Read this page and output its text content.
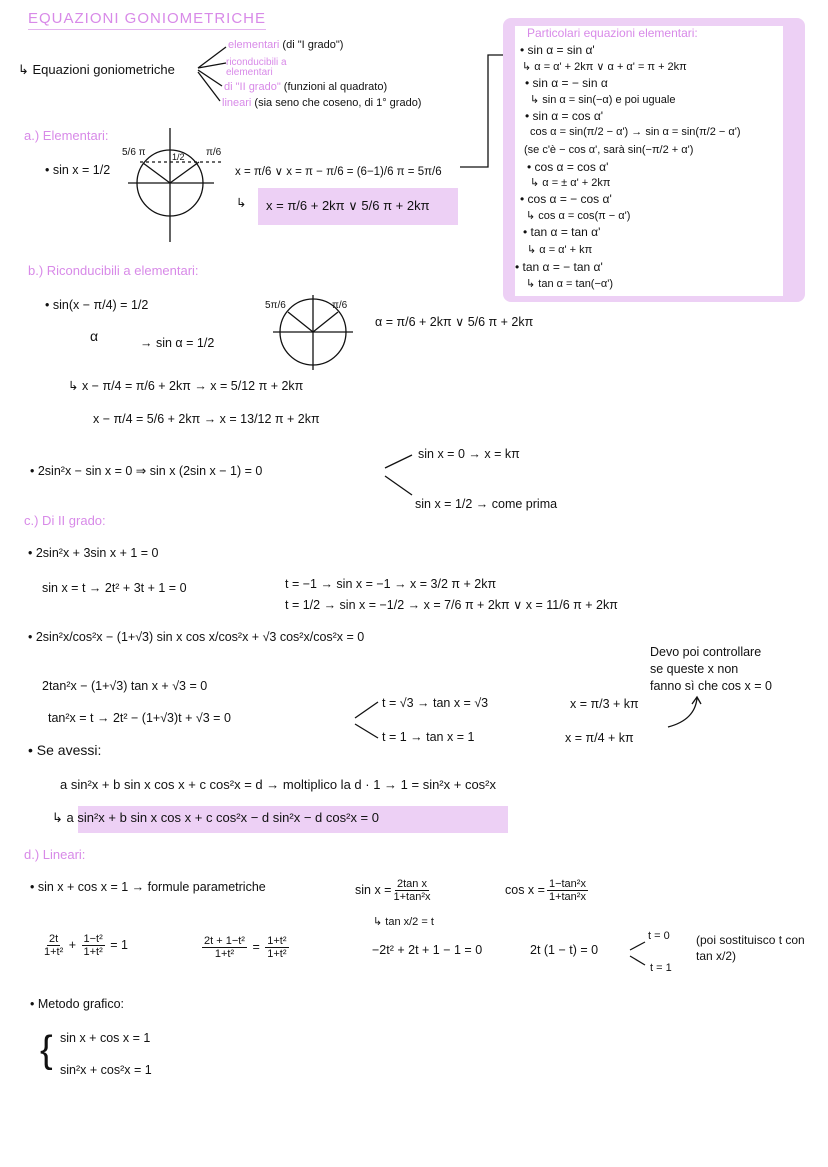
EQUAZIONI GONIOMETRICHE
↳ Equazioni goniometriche
elementari (di "I grado")
riconducibili a elementari
di "II grado" (funzioni al quadrato)
lineari (sia seno che coseno, di 1° grado)
a.) Elementari:
• sin x = 1/2
5/6 π	1/2 π/6
x = π/6 ∨ x = π − π/6 = (6−1)/6 π = 5π/6
↳ x = π/6 + 2kπ ∨ 5/6 π + 2kπ
Particolari equazioni elementari:
• sin α = sin α'
↳ α = α' + 2kπ ∨ α + α' = π + 2kπ
• sin α = − sin α
↳ sin α = sin(−α) e poi uguale
• sin α = cos α'
cos α = sin(π/2 − α') → sin α = sin(π/2 − α')
(se c'è − cos α', sarà sin(−π/2 + α')
• cos α = cos α'
↳ α = ± α' + 2kπ
• cos α = − cos α'
↳ cos α = cos(π − α')
• tan α = tan α'
↳ α = α' + kπ
• tan α = − tan α'
↳ tan α = tan(−α')
b.) Riconducibili a elementari:
• sin(x − π/4) = 1/2
α	→ sin α = 1/2
5π/6	π/6
α = π/6 + 2kπ ∨ 5/6 π + 2kπ
↳ x − π/4 = π/6 + 2kπ → x = 5/12 π + 2kπ
x − π/4 = 5/6 + 2kπ → x = 13/12 π + 2kπ
• 2sin²x − sin x = 0 ⇒ sin x (2sin x − 1) = 0
sin x = 0 → x = kπ
sin x = 1/2 → come prima
c.) Di II grado:
• 2sin²x + 3sin x + 1 = 0
sin x = t → 2t² + 3t + 1 = 0	t = −1 → sin x = −1 → x = 3/2 π + 2kπ
t = 1/2 → sin x = −1/2 → x = 7/6 π + 2kπ ∨ x = 11/6 π + 2kπ
• 2sin²x/cos²x − (1+√3) sin x cos x/cos²x + √3 cos²x/cos²x = 0
2tan²x − (1+√3) tan x + √3 = 0
tan²x = t → 2t² − (1+√3)t + √3 = 0
t = √3 → tan x = √3	x = π/3 + kπ
t = 1 → tan x = 1	x = π/4 + kπ
Devo poi controllare
se queste x non
fanno sì che cos x = 0
• Se avessi:
a sin²x + b sin x cos x + c cos²x = d → moltiplico la d · 1 → 1 = sin²x + cos²x
↳ a sin²x + b sin x cos x + c cos²x − d sin²x − d cos²x = 0
d.) Lineari:
• sin x + cos x = 1 → formule parametriche	$\sin x = \frac{\text{2tan x}}{\text{1+tan²x}}$	$\cos x = \frac{\text{1−tan²x}}{\text{1+tan²x}}$
↳ tan x/2 = t
$\frac{2t}{\text{1+t²}} + \frac{\text{1−t²}}{\text{1+t²}} = 1$	$\frac{\text{2t + 1−t²}}{\text{1+t²}} = \frac{\text{1+t²}}{\text{1+t²}}$	−2t² + 2t + 1 − 1 = 0	2t (1 − t) = 0
t = 0
t = 1
(poi sostituisco t con tan x/2)
• Metodo grafico:
{ sin x + cos x = 1
sin²x + cos²x = 1
